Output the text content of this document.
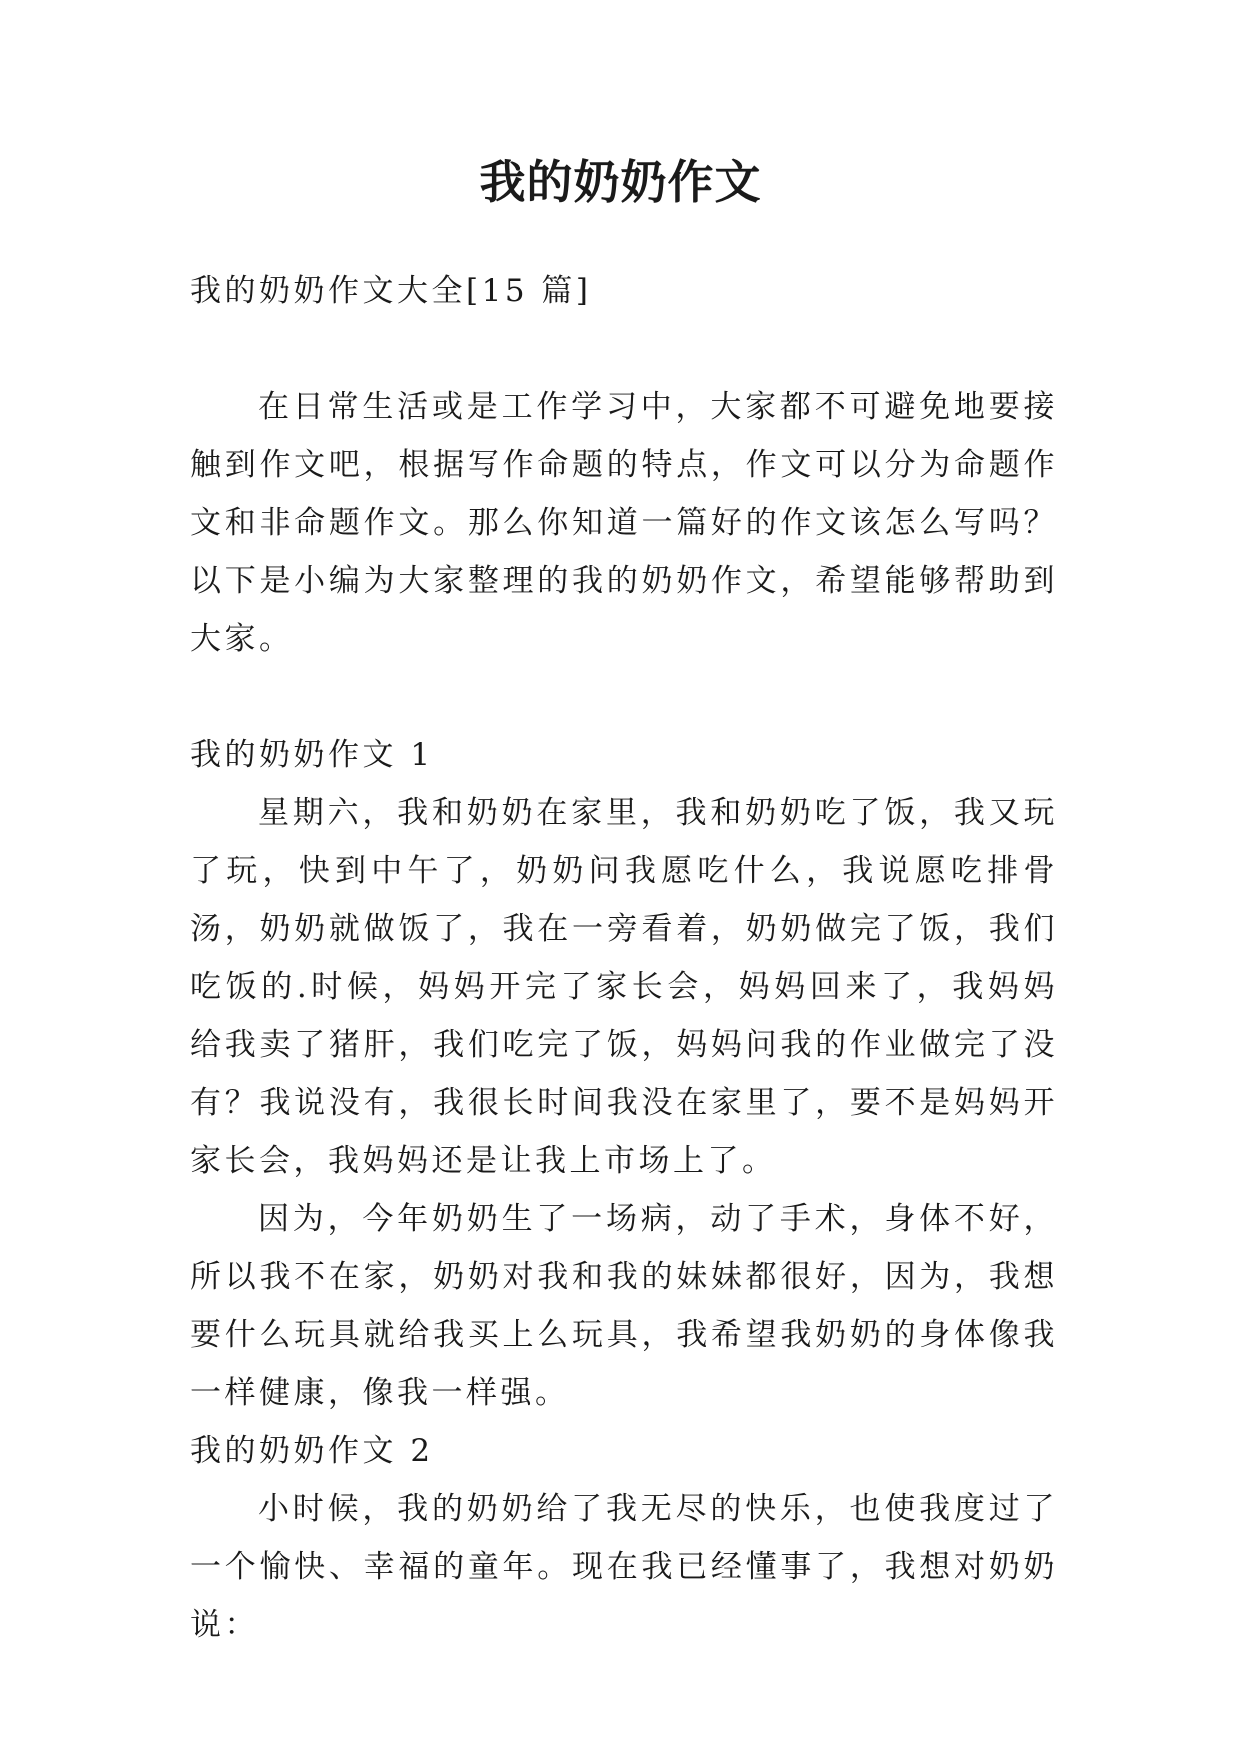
我的奶奶作文

我的奶奶作文大全[15 篇]

在日常生活或是工作学习中，大家都不可避免地要接触到作文吧，根据写作命题的特点，作文可以分为命题作文和非命题作文。那么你知道一篇好的作文该怎么写吗？以下是小编为大家整理的我的奶奶作文，希望能够帮助到大家。

我的奶奶作文 1

星期六，我和奶奶在家里，我和奶奶吃了饭，我又玩了玩，快到中午了，奶奶问我愿吃什么，我说愿吃排骨汤，奶奶就做饭了，我在一旁看着，奶奶做完了饭，我们吃饭的.时候，妈妈开完了家长会，妈妈回来了，我妈妈给我卖了猪肝，我们吃完了饭，妈妈问我的作业做完了没有？我说没有，我很长时间我没在家里了，要不是妈妈开家长会，我妈妈还是让我上市场上了。

因为，今年奶奶生了一场病，动了手术，身体不好，所以我不在家，奶奶对我和我的妹妹都很好，因为，我想要什么玩具就给我买上么玩具，我希望我奶奶的身体像我一样健康，像我一样强。

我的奶奶作文 2

小时候，我的奶奶给了我无尽的快乐，也使我度过了一个愉快、幸福的童年。现在我已经懂事了，我想对奶奶说：
